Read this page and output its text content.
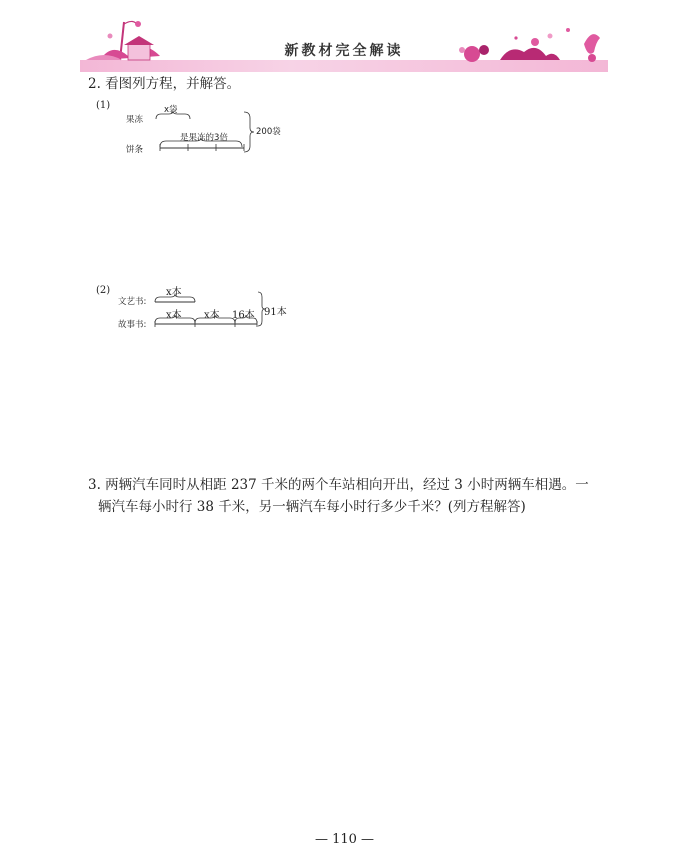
新教材完全解读
2. 看图列方程，并解答。
(1)
果冻
x袋
饼条
是果冻的3倍
200袋
(2)
文艺书:
x本
故事书:
x本 x本 16本 91本
3. 两辆汽车同时从相距 237 千米的两个车站相向开出，经过 3 小时两辆车相遇。一
辆汽车每小时行 38 千米，另一辆汽车每小时行多少千米？(列方程解答)
— 110 —
